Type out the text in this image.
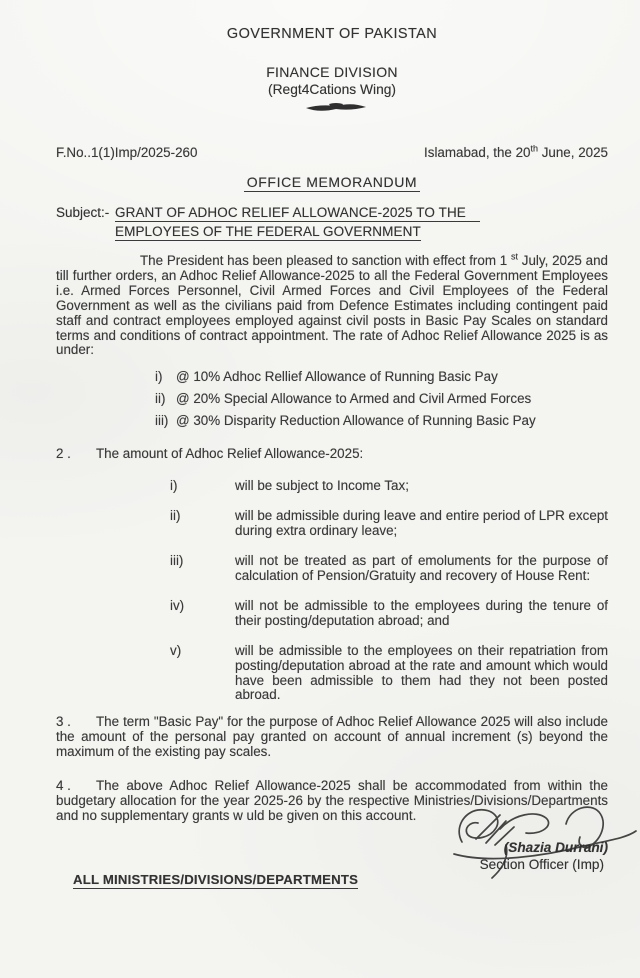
GOVERNMENT OF PAKISTAN
FINANCE DIVISION
(Regt4Cations Wing)
F.No..1(1)Imp/2025-260	Islamabad, the 20th June, 2025
OFFICE MEMORANDUM
Subject:- GRANT OF ADHOC RELIEF ALLOWANCE-2025 TO THE
EMPLOYEES OF THE FEDERAL GOVERNMENT

The President has been pleased to sanction with effect from 1 $^{st}$ July, 2025 and till further orders, an Adhoc Relief Allowance-2025 to all the Federal Government Employees i.e. Armed Forces Personnel, Civil Armed Forces and Civil Employees of the Federal Government as well as the civilians paid from Defence Estimates including contingent paid staff and contract employees employed against civil posts in Basic Pay Scales on standard terms and conditions of contract appointment. The rate of Adhoc Relief Allowance 2025 is as under:

i) @ 10% Adhoc Rellief Allowance of Running Basic Pay
ii) @ 20% Special Allowance to Armed and Civil Armed Forces
iii) @ 30% Disparity Reduction Allowance of Running Basic Pay
2 . The amount of Adhoc Relief Allowance-2025:
i)	will be subject to Income Tax;
ii)	will be admissible during leave and entire period of LPR except during extra ordinary leave;
iii)	will not be treated as part of emoluments for the purpose of calculation of Pension/Gratuity and recovery of House Rent:
iv)	will not be admissible to the employees during the tenure of their posting/deputation abroad; and
v)	will be admissible to the employees on their repatriation from posting/deputation abroad at the rate and amount which would have been admissible to them had they not been posted abroad.

3 . The term "Basic Pay" for the purpose of Adhoc Relief Allowance 2025 will also include the amount of the personal pay granted on account of annual increment (s) beyond the maximum of the existing pay scales.

4 . The above Adhoc Relief Allowance-2025 shall be accommodated from within the budgetary allocation for the year 2025-26 by the respective Ministries/Divisions/Departments and no supplementary grants w uld be given on this account.

(Shazia Durrani)
Section Officer (Imp)
ALL MINISTRIES/DIVISIONS/DEPARTMENTS
